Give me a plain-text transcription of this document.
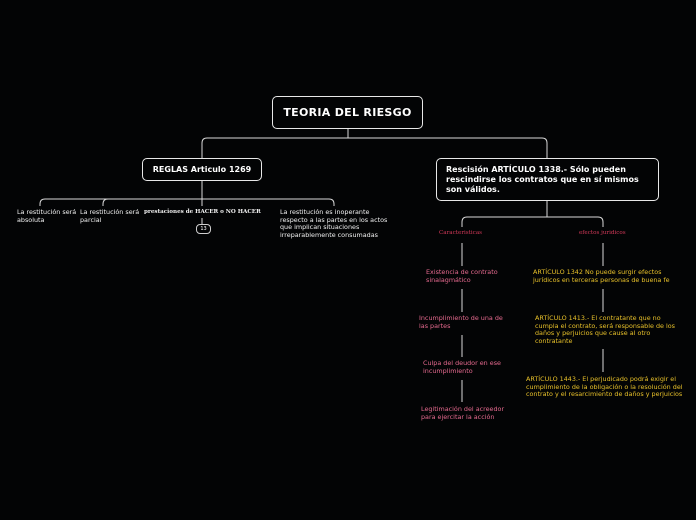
TEORIA DEL RIESGO
REGLAS Articulo 1269	Rescisión ARTÍCULO 1338.- Sólo pueden rescindirse los contratos que en sí mismos son válidos.
La restitución será absoluta
La restitución será parcial
prestaciones de HACER o NO HACER
13
La restitución es inoperante respecto a las partes en los actos que implican situaciones irreparablemente consumadas	Caracteristicas	efectos juridicos
Existencia de contrato sinalagmático
Incumplimiento de una de las partes
Culpa del deudor en ese incumplimiento
Legitimación del acreedor para ejercitar la acción
ARTÍCULO 1342 No puede surgir efectos jurídicos en terceras personas de buena fe
ARTÍCULO 1413.- El contratante que no cumpla el contrato, será responsable de los daños y perjuicios que cause al otro contratante
ARTÍCULO 1443.- El perjudicado podrá exigir el cumplimiento de la obligación o la resolución del contrato y el resarcimiento de daños y perjuicios
